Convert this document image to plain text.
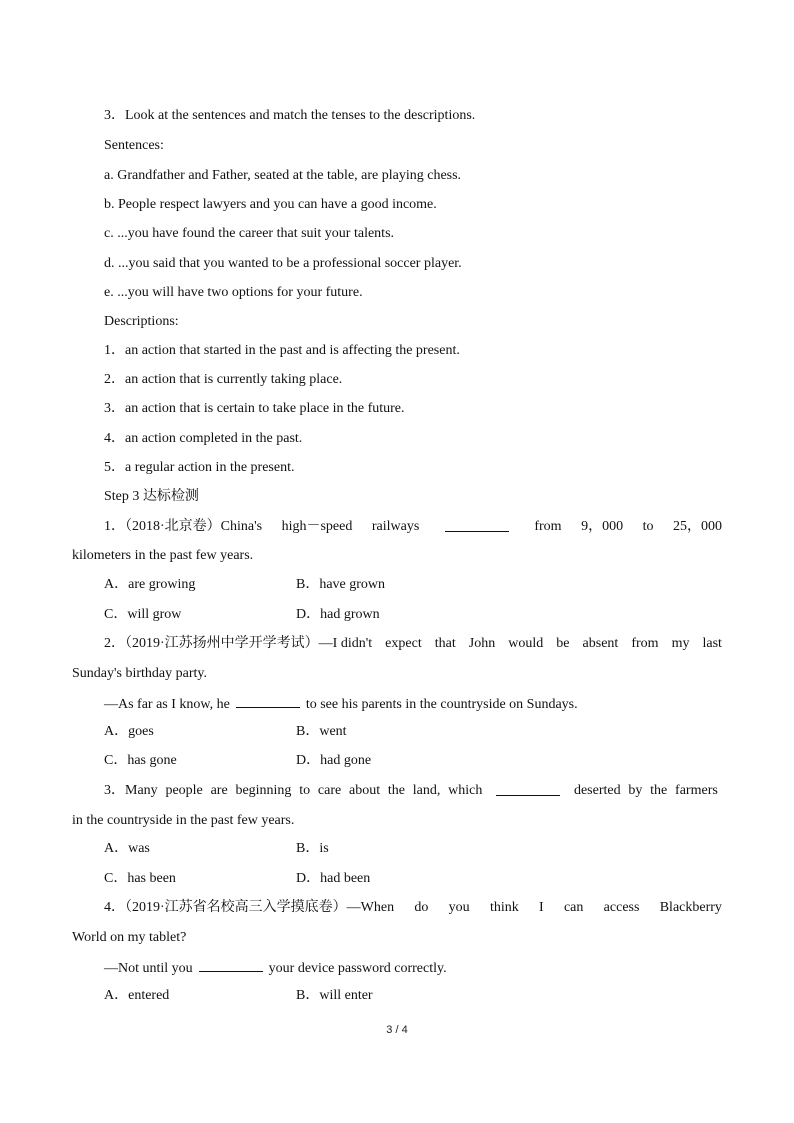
3．Look at the sentences and match the tenses to the descriptions.
Sentences:
a. Grandfather and Father, seated at the table, are playing chess.
b. People respect lawyers and you can have a good income.
c. ...you have found the career that suit your talents.
d. ...you said that you wanted to be a professional soccer player.
e. ...you will have two options for your future.
Descriptions:
1．an action that started in the past and is affecting the present.
2．an action that is currently taking place.
3．an action that is certain to take place in the future.
4．an action completed in the past.
5．a regular action in the present.
Step 3 达标检测
1．（2018·北京卷）China's high－speed railways	from 9，000 to 25，000
kilometers in the past few years.
A．are growing	B．have grown
C．will grow	D．had grown
2．（2019·江苏扬州中学开学考试）—I didn't expect that John would be absent from my last
Sunday's birthday party.
—As far as I know, he	to see his parents in the countryside on Sundays.
A．goes	B．went
C．has gone	D．had gone
3．Many people are beginning to care about the land, which	deserted by the farmers
in the countryside in the past few years.
A．was	B．is
C．has been	D．had been
4．（2019·江苏省名校高三入学摸底卷）—When do you think I can access Blackberry
World on my tablet?
—Not until you	your device password correctly.
A．entered	B．will enter
3 / 4
